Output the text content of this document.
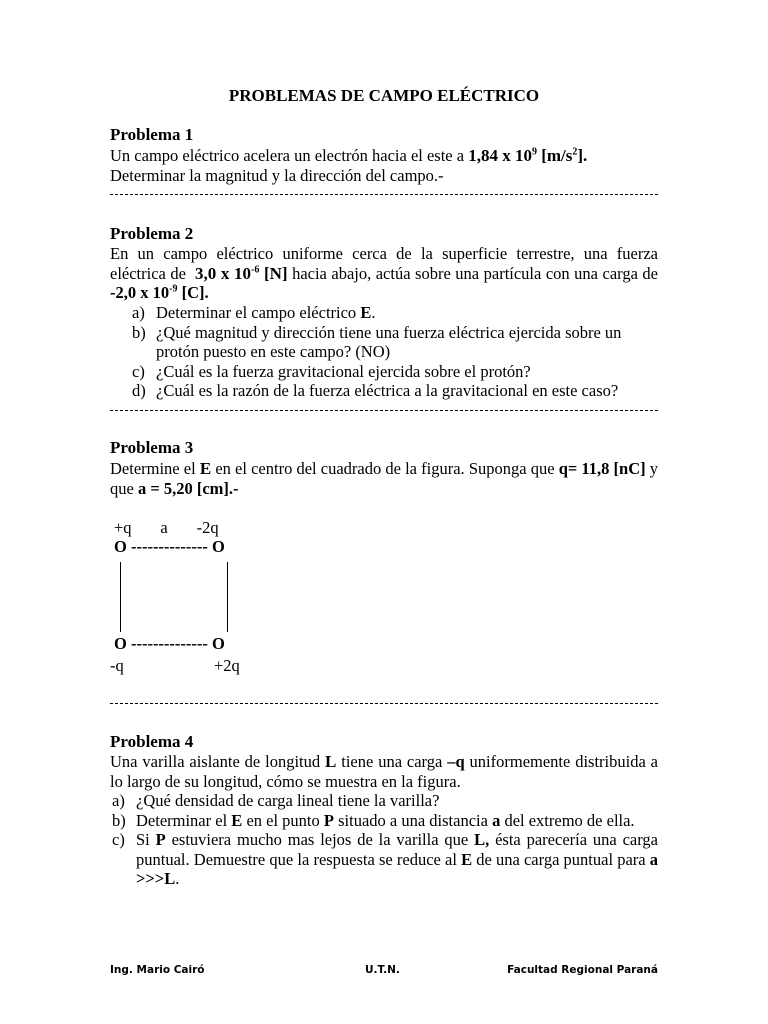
PROBLEMAS DE CAMPO ELÉCTRICO
Problema 1
Un campo eléctrico acelera un electrón hacia el este a 1,84 x $10^9$ $[m/s^2]$.
Determinar la magnitud y la dirección del campo.-
Problema 2
En un campo eléctrico uniforme cerca de la superficie terrestre, una fuerza eléctrica de  3,0 x $10^{-6}$ [N] hacia abajo, actúa sobre una partícula con una carga de -2,0 x $10^{-9}$ [C].
a) Determinar el campo eléctrico E.
b) ¿Qué magnitud y dirección tiene una fuerza eléctrica ejercida sobre un protón puesto en este campo? (NO)
c) ¿Cuál es la fuerza gravitacional ejercida sobre el protón?
d) ¿Cuál es la razón de la fuerza eléctrica a la gravitacional en este caso?
Problema 3
Determine el E en el centro del cuadrado de la figura. Suponga que q= 11,8 [nC] y que a = 5,20 [cm].-
+q       a       -2q
O -------------- O
O -------------- O
-q	+2q
Problema 4
Una varilla aislante de longitud L tiene una carga –q uniformemente distribuida a lo largo de su longitud, cómo se muestra en la figura.
a) ¿Qué densidad de carga lineal tiene la varilla?
b) Determinar el E en el punto P situado a una distancia a del extremo de ella.
c) Si P estuviera mucho mas lejos de la varilla que L, ésta parecería una carga puntual. Demuestre que la respuesta se reduce al E de una carga puntual para a >>>L.
Ing. Mario Cairó	U.T.N.	Facultad Regional Paraná
